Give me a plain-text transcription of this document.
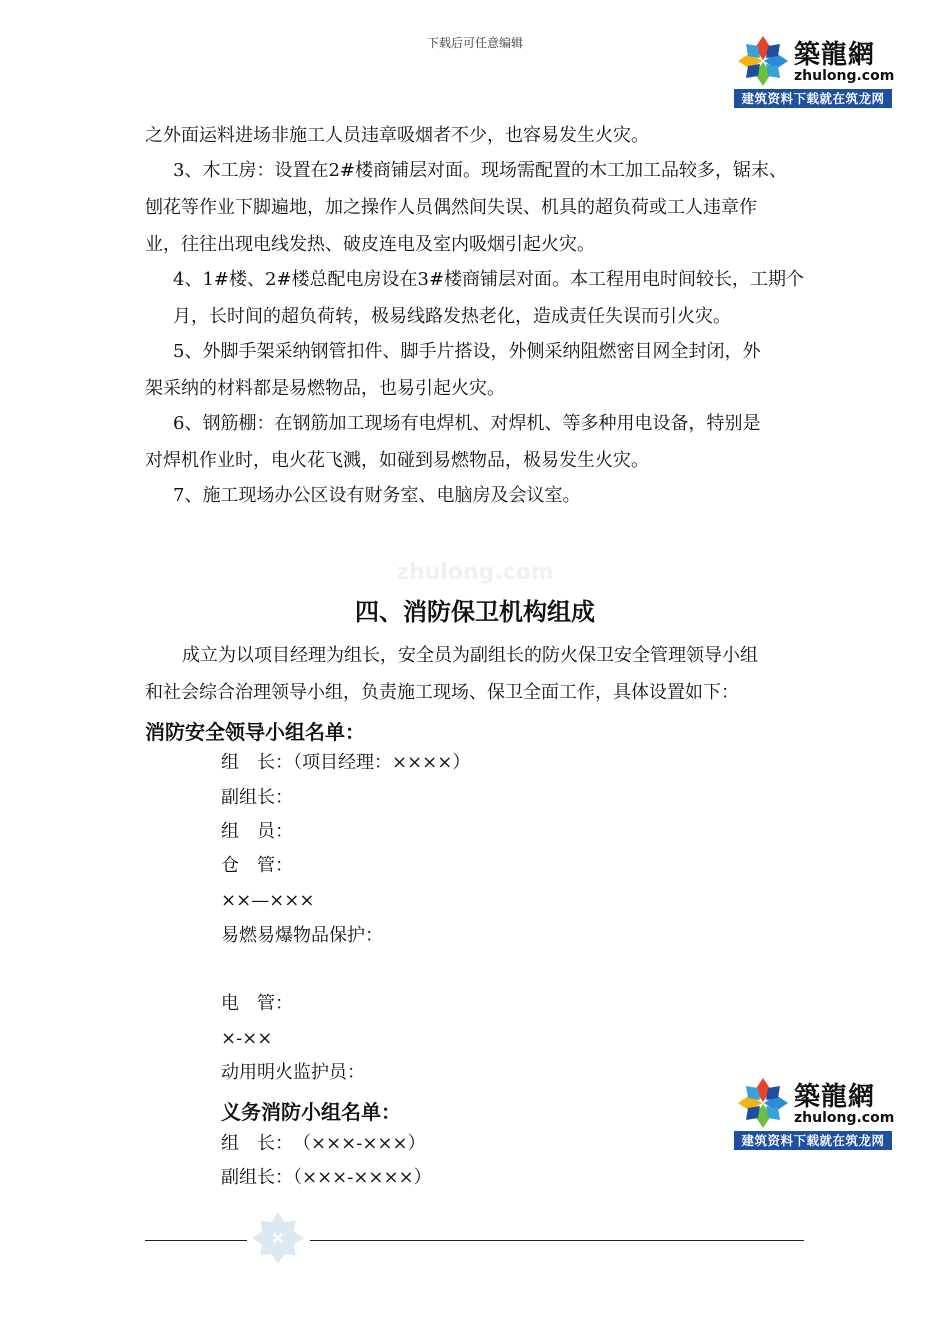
下载后可任意编辑	築龍網
zhulong.com
建筑资料下载就在筑龙网
之外面运料进场非施工人员违章吸烟者不少，也容易发生火灾。
3、木工房：设置在2#楼商铺层对面。现场需配置的木工加工品较多，锯末、
刨花等作业下脚遍地，加之操作人员偶然间失误、机具的超负荷或工人违章作
业，往往出现电线发热、破皮连电及室内吸烟引起火灾。
4、1#楼、2#楼总配电房设在3#楼商铺层对面。本工程用电时间较长，工期个
月，长时间的超负荷转，极易线路发热老化，造成责任失误而引火灾。
5、外脚手架采纳钢管扣件、脚手片搭设，外侧采纳阻燃密目网全封闭，外
架采纳的材料都是易燃物品，也易引起火灾。
6、钢筋棚：在钢筋加工现场有电焊机、对焊机、等多种用电设备，特别是
对焊机作业时，电火花飞溅，如碰到易燃物品，极易发生火灾。
7、施工现场办公区设有财务室、电脑房及会议室。
zhulong.com
四、消防保卫机构组成
成立为以项目经理为组长，安全员为副组长的防火保卫安全管理领导小组
和社会综合治理领导小组，负责施工现场、保卫全面工作，具体设置如下：
消防安全领导小组名单：
组　长：（项目经理：××××）
副组长：
组　员：
仓　管：
××—×××
易燃易爆物品保护：
电　管：
×-××
动用明火监护员：
义务消防小组名单：
组　长：　（×××-×××）
副组长：（×××-××××）
築龍網
zhulong.com
建筑资料下载就在筑龙网
